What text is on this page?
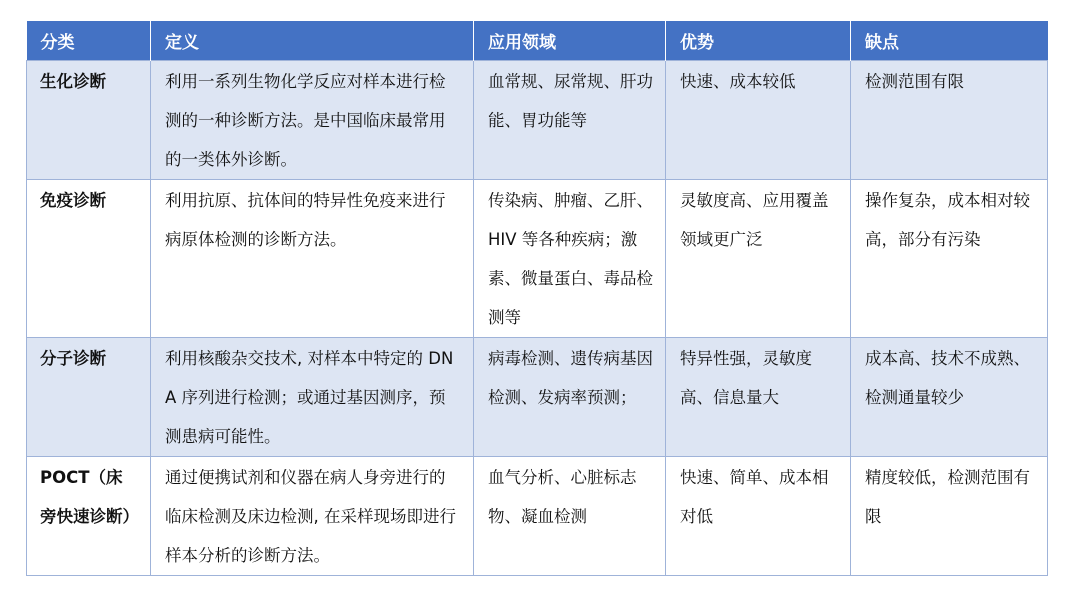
分类	定义	应用领域	优势	缺点
生化诊断	利用一系列生物化学反应对样本进行检测的一种诊断方法。是中国临床最常用的一类体外诊断。	血常规、尿常规、肝功能、胃功能等	快速、成本较低	检测范围有限
免疫诊断	利用抗原、抗体间的特异性免疫来进行病原体检测的诊断方法。	传染病、肿瘤、乙肝、HIV 等各种疾病；激素、微量蛋白、毒品检测等	灵敏度高、应用覆盖领域更广泛	操作复杂，成本相对较高，部分有污染
分子诊断	利用核酸杂交技术, 对样本中特定的 DNA 序列进行检测；或通过基因测序，预测患病可能性。	病毒检测、遗传病基因检测、发病率预测；	特异性强，灵敏度高、信息量大	成本高、技术不成熟、检测通量较少
POCT（床旁快速诊断）	通过便携试剂和仪器在病人身旁进行的临床检测及床边检测, 在采样现场即进行样本分析的诊断方法。	血气分析、心脏标志物、凝血检测	快速、简单、成本相对低	精度较低，检测范围有限
